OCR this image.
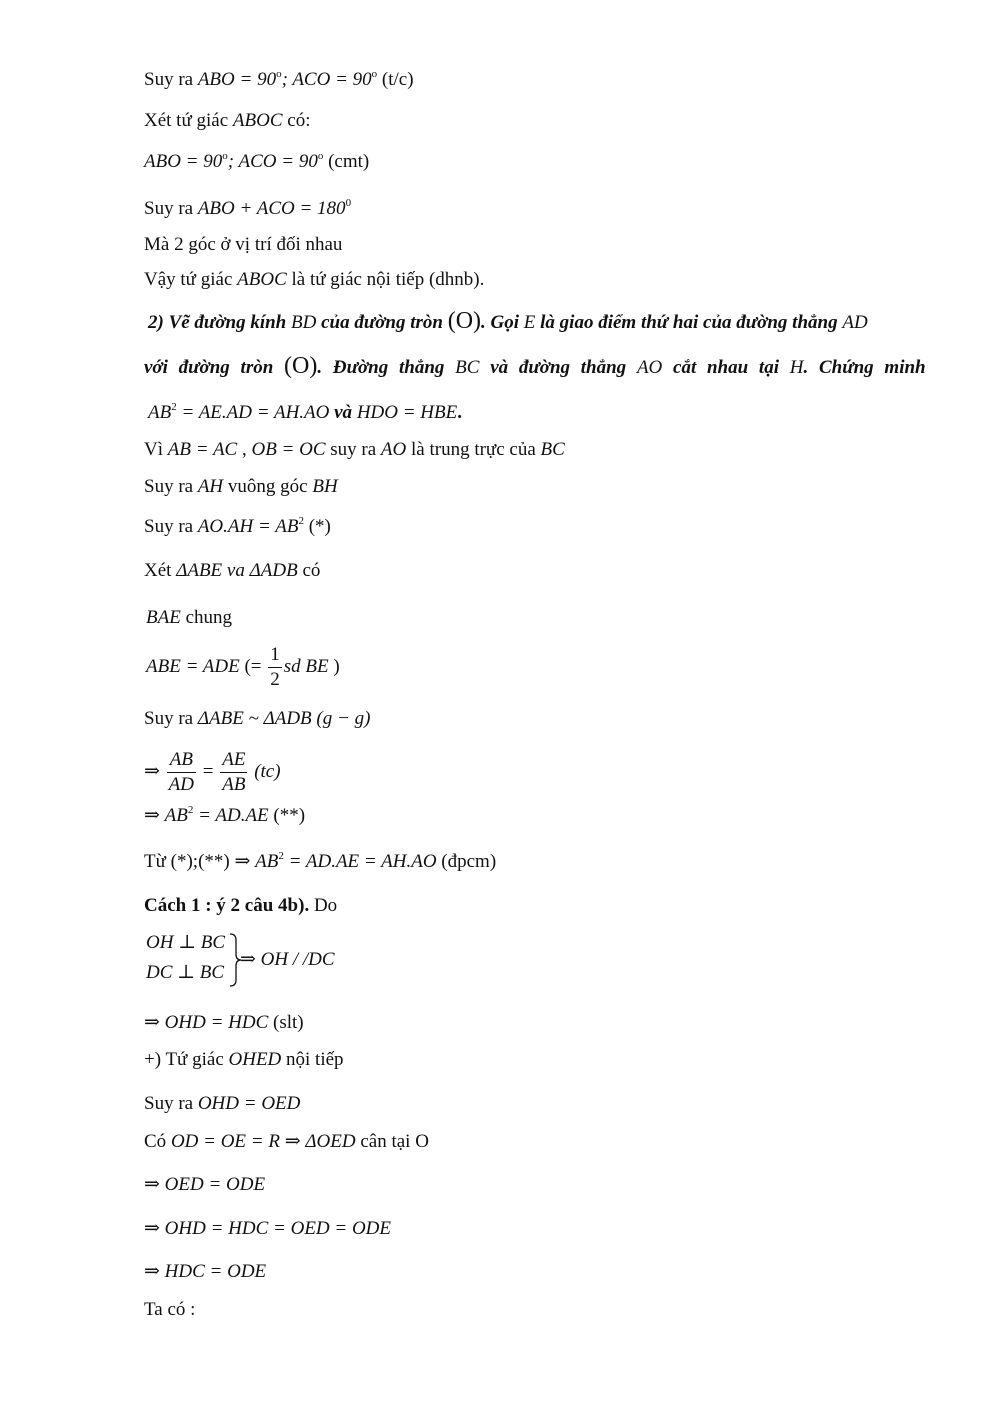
Suy ra ABO = $90^o$; ACO = $90^o$ (t/c)
Xét tứ giác ABOC có:
ABO = $90^o$; ACO = $90^o$ (cmt)
Suy ra ABO + ACO = $180^0$
Mà 2 góc ở vị trí đối nhau
Vậy tứ giác ABOC là tứ giác nội tiếp (dhnb).
2) Vẽ đường kính BD của đường tròn (O). Gọi E là giao điểm thứ hai của đường thẳng AD
với đường tròn (O). Đường thẳng BC và đường thẳng AO cắt nhau tại H. Chứng minh
$AB^2 = AE.AD = AH.AO$ và HDO = HBE.
Vì AB = AC , OB = OC suy ra AO là trung trực của BC
Suy ra AH vuông góc BH
Suy ra $AO.AH = AB^2$ (*)
Xét ΔABE va ΔADB có
BAE chung
ABE = ADE (= $\frac{1}{2}$ sd BE )
Suy ra ΔABE ~ ΔADB (g − g)
⇒ $\frac{AB}{AD} = \frac{AE}{AB} (tc)$
⇒ $AB^2 = AD.AE$ (**)
Từ (*);(**) ⇒ $AB^2 = AD.AE = AH.AO$ (đpcm)
Cách 1 : ý 2 câu 4b). Do
OH ⊥ BC
DC ⊥ BC
⇒ OH / /DC
⇒ OHD = HDC (slt)
+) Tứ giác OHED nội tiếp
Suy ra OHD = OED
Có OD = OE = R ⇒ ΔOED cân tại O
⇒ OED = ODE
⇒ OHD = HDC = OED = ODE
⇒ HDC = ODE
Ta có :
